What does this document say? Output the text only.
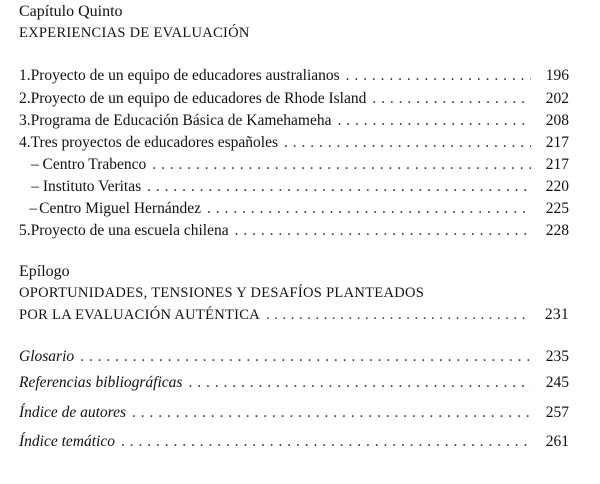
Capítulo Quinto
EXPERIENCIAS DE EVALUACIÓN
1. Proyecto de un equipo de educadores australianos . . .	196
2. Proyecto de un equipo de educadores de Rhode Island . . .	202
3. Programa de Educación Básica de Kamehameha . . .	208
4. Tres proyectos de educadores españoles . . .	217
– Centro Trabenco . . .	217
– Instituto Veritas . . .	220
– Centro Miguel Hernández . . .	225
5. Proyecto de una escuela chilena . . .	228
Epílogo
OPORTUNIDADES, TENSIONES Y DESAFÍOS PLANTEADOS
POR LA EVALUACIÓN AUTÉNTICA . . .	231
Glosario . . .	235
Referencias bibliográficas . . .	245
Índice de autores . . .	257
Índice temático . . .	261
